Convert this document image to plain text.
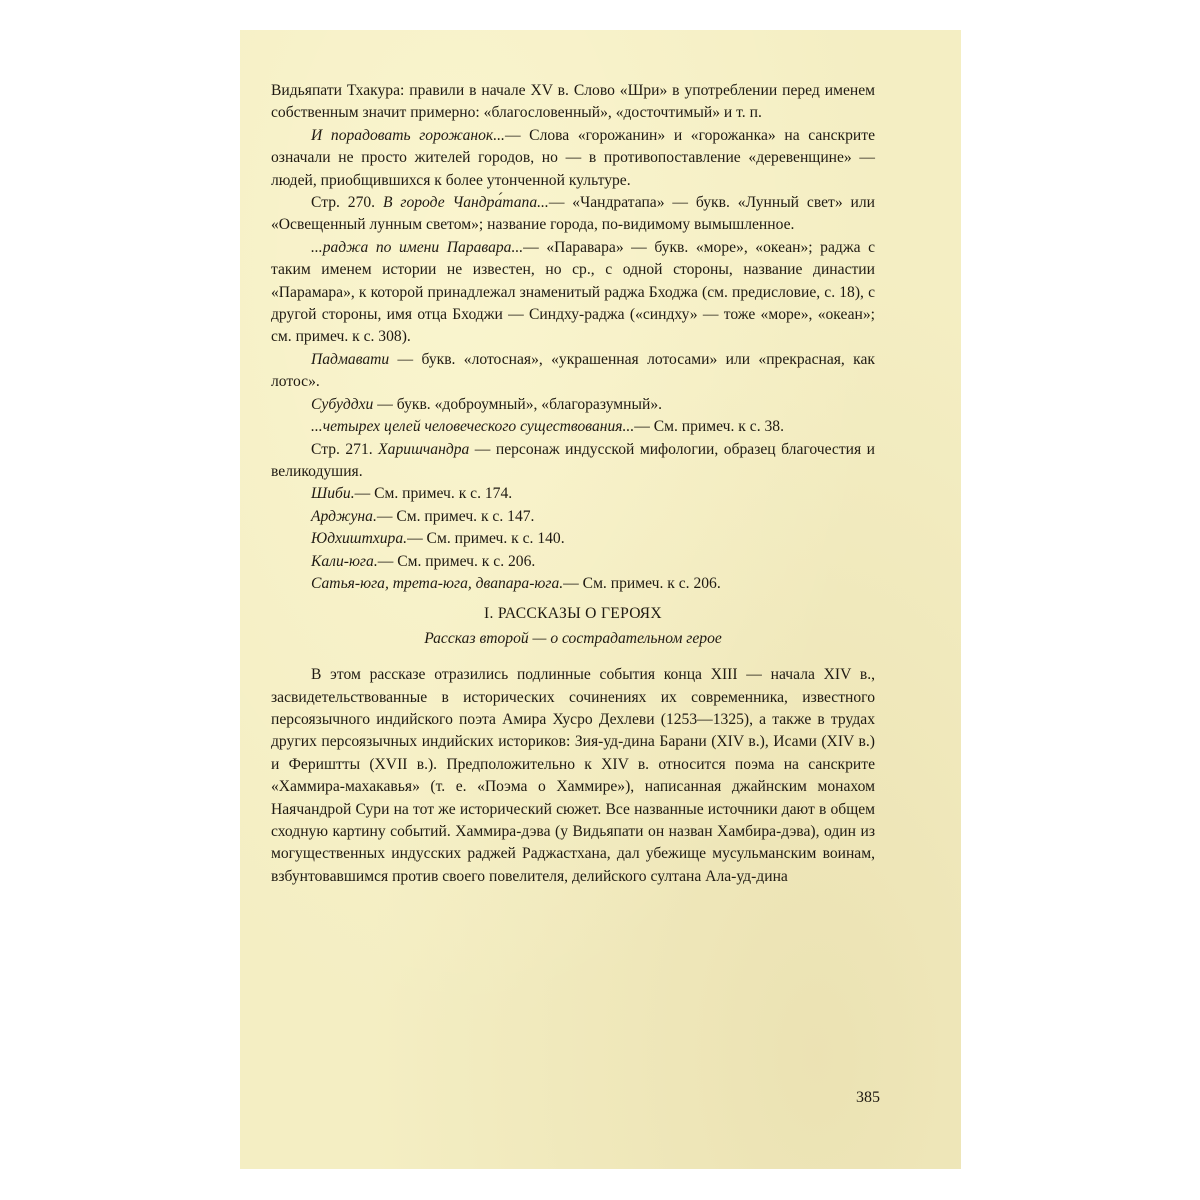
Видьяпати Тхакура: правили в начале XV в. Слово «Шри» в употреблении перед именем собственным значит примерно: «благословенный», «досточтимый» и т. п.

И порадовать горожанок...— Слова «горожанин» и «горожанка» на санскрите означали не просто жителей городов, но — в противопоставление «деревенщине» — людей, приобщившихся к более утонченной культуре.

Стр. 270. В городе Чандра́тапа...— «Чандратапа» — букв. «Лунный свет» или «Освещенный лунным светом»; название города, по-видимому вымышленное.

...раджа по имени Паравара...— «Паравара» — букв. «море», «океан»; раджа с таким именем истории не известен, но ср., с одной стороны, название династии «Парамара», к которой принадлежал знаменитый раджа Бходжа (см. предисловие, с. 18), с другой стороны, имя отца Бходжи — Синдху-раджа («синдху» — тоже «море», «океан»; см. примеч. к с. 308).

Падмавати — букв. «лотосная», «украшенная лотосами» или «прекрасная, как лотос».

Субуддхи — букв. «доброумный», «благоразумный».

...четырех целей человеческого существования...— См. примеч. к с. 38.

Стр. 271. Харишчандра — персонаж индусской мифологии, образец благочестия и великодушия.

Шиби.— См. примеч. к с. 174.

Арджуна.— См. примеч. к с. 147.

Юдхиштхира.— См. примеч. к с. 140.

Кали-юга.— См. примеч. к с. 206.

Сатья-юга, трета-юга, двапара-юга.— См. примеч. к с. 206.

I. РАССКАЗЫ О ГЕРОЯХ
Рассказ второй — о сострадательном герое

В этом рассказе отразились подлинные события конца XIII — начала XIV в., засвидетельствованные в исторических сочинениях их современника, известного персоязычного индийского поэта Амира Хусро Дехлеви (1253—1325), а также в трудах других персоязычных индийских историков: Зия-уд-дина Барани (XIV в.), Исами (XIV в.) и Фериштты (XVII в.). Предположительно к XIV в. относится поэма на санскрите «Хаммира-махакавья» (т. е. «Поэма о Хаммире»), написанная джайнским монахом Наячандрой Сури на тот же исторический сюжет. Все названные источники дают в общем сходную картину событий. Хаммира-дэва (у Видьяпати он назван Хамбира-дэва), один из могущественных индусских раджей Раджастхана, дал убежище мусульманским воинам, взбунтовавшимся против своего повелителя, делийского султана Ала-уд-дина

385
